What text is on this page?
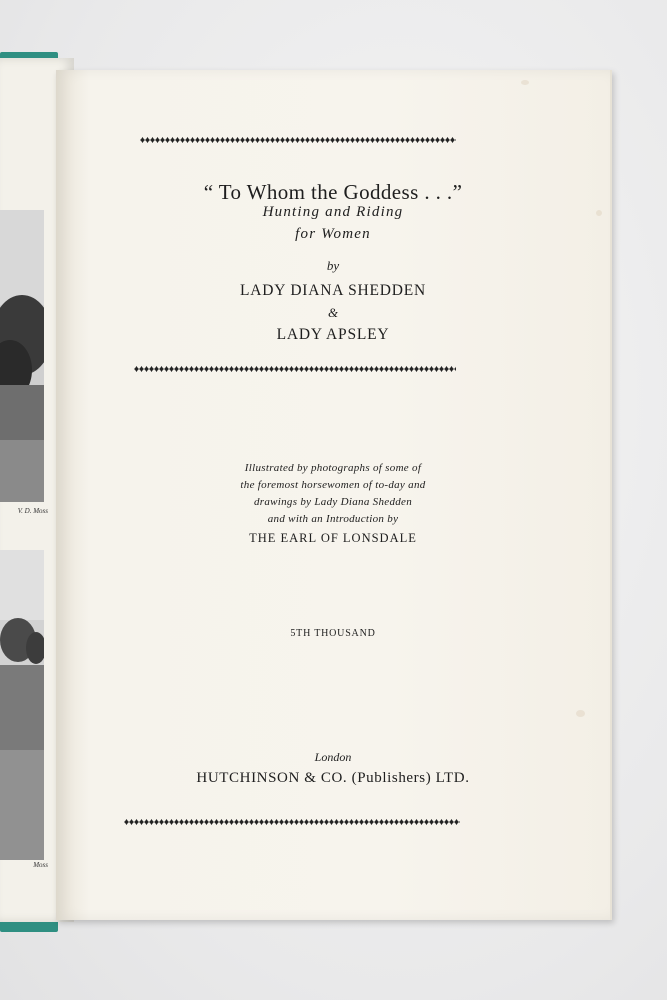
V. D. Moss
Moss
“ To Whom the Goddess . . .”
Hunting and Riding
for Women
by
LADY DIANA SHEDDEN
&
LADY APSLEY
Illustrated by photographs of some of
the foremost horsewomen of to-day and
drawings by Lady Diana Shedden
and with an Introduction by
THE EARL OF LONSDALE
5TH THOUSAND
London
HUTCHINSON & CO. (Publishers) LTD.
